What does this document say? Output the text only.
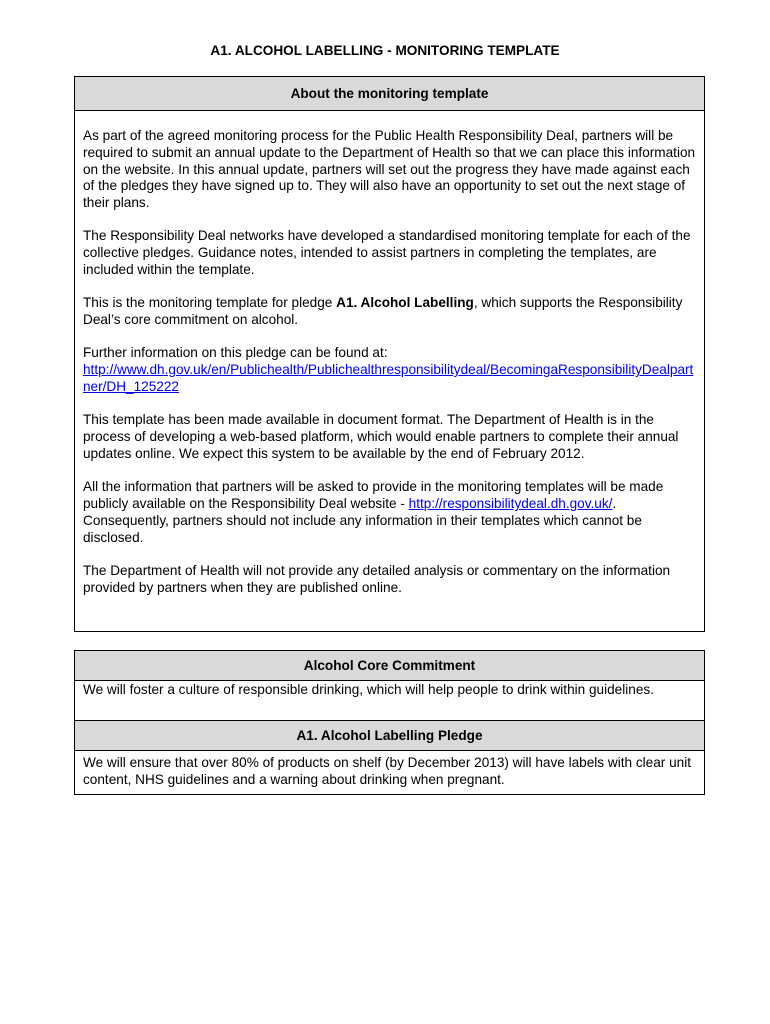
A1. ALCOHOL LABELLING - MONITORING TEMPLATE
About the monitoring template

As part of the agreed monitoring process for the Public Health Responsibility Deal, partners will be required to submit an annual update to the Department of Health so that we can place this information on the website. In this annual update, partners will set out the progress they have made against each of the pledges they have signed up to. They will also have an opportunity to set out the next stage of their plans.

The Responsibility Deal networks have developed a standardised monitoring template for each of the collective pledges. Guidance notes, intended to assist partners in completing the templates, are included within the template.

This is the monitoring template for pledge A1. Alcohol Labelling, which supports the Responsibility Deal’s core commitment on alcohol.

Further information on this pledge can be found at:
http://www.dh.gov.uk/en/Publichealth/Publichealthresponsibilitydeal/BecomingaResponsibilityDealpartner/DH_125222

This template has been made available in document format. The Department of Health is in the process of developing a web-based platform, which would enable partners to complete their annual updates online. We expect this system to be available by the end of February 2012.

All the information that partners will be asked to provide in the monitoring templates will be made publicly available on the Responsibility Deal website - http://responsibilitydeal.dh.gov.uk/. Consequently, partners should not include any information in their templates which cannot be disclosed.

The Department of Health will not provide any detailed analysis or commentary on the information provided by partners when they are published online.

Alcohol Core Commitment

We will foster a culture of responsible drinking, which will help people to drink within guidelines.

A1. Alcohol Labelling Pledge

We will ensure that over 80% of products on shelf (by December 2013) will have labels with clear unit content, NHS guidelines and a warning about drinking when pregnant.
